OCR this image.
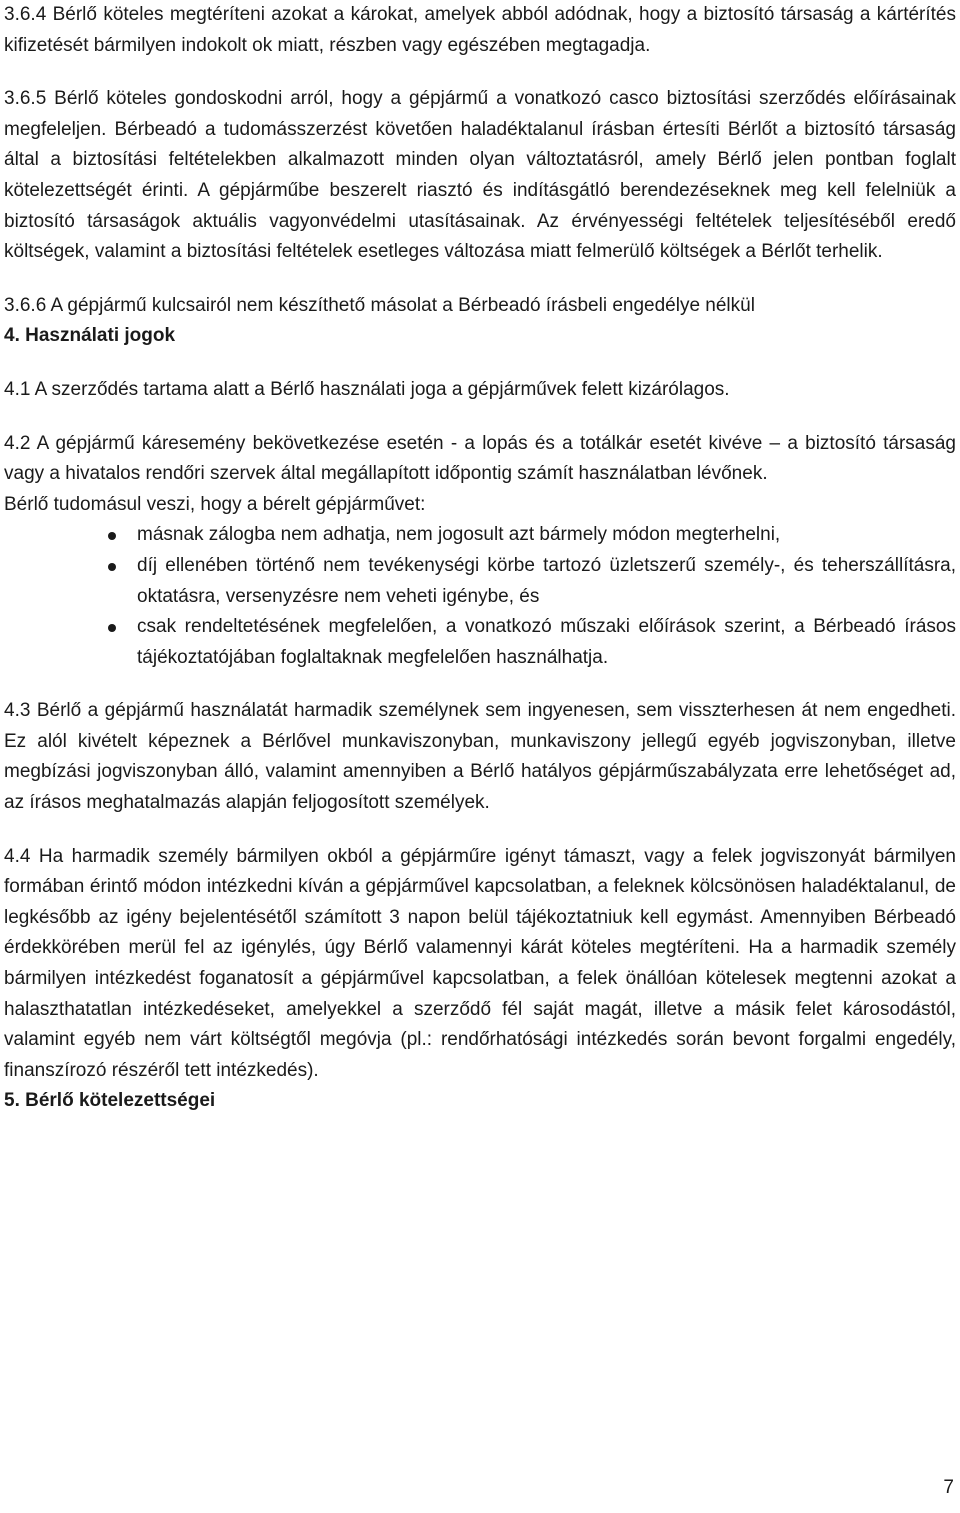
3.6.4 Bérlő köteles megtéríteni azokat a károkat, amelyek abból adódnak, hogy a biztosító társaság a kártérítés kifizetését bármilyen indokolt ok miatt, részben vagy egészében megtagadja.

3.6.5 Bérlő köteles gondoskodni arról, hogy a gépjármű a vonatkozó casco biztosítási szerződés előírásainak megfeleljen. Bérbeadó a tudomásszerzést követően haladéktalanul írásban értesíti Bérlőt a biztosító társaság által a biztosítási feltételekben alkalmazott minden olyan változtatásról, amely Bérlő jelen pontban foglalt kötelezettségét érinti. A gépjárműbe beszerelt riasztó és indításgátló berendezéseknek meg kell felelniük a biztosító társaságok aktuális vagyonvédelmi utasításainak. Az érvényességi feltételek teljesítéséből eredő költségek, valamint a biztosítási feltételek esetleges változása miatt felmerülő költségek a Bérlőt terhelik.

3.6.6 A gépjármű kulcsairól nem készíthető másolat a Bérbeadó írásbeli engedélye nélkül

4. Használati jogok

4.1 A szerződés tartama alatt a Bérlő használati joga a gépjárművek felett kizárólagos.

4.2 A gépjármű káresemény bekövetkezése esetén - a lopás és a totálkár esetét kivéve – a biztosító társaság vagy a hivatalos rendőri szervek által megállapított időpontig számít használatban lévőnek.

Bérlő tudomásul veszi, hogy a bérelt gépjárművet:

másnak zálogba nem adhatja, nem jogosult azt bármely módon megterhelni,
díj ellenében történő nem tevékenységi körbe tartozó üzletszerű személy-, és teherszállításra, oktatásra, versenyzésre nem veheti igénybe, és
csak rendeltetésének megfelelően, a vonatkozó műszaki előírások szerint, a Bérbeadó írásos tájékoztatójában foglaltaknak megfelelően használhatja.

4.3 Bérlő a gépjármű használatát harmadik személynek sem ingyenesen, sem visszterhesen át nem engedheti. Ez alól kivételt képeznek a Bérlővel munkaviszonyban, munkaviszony jellegű egyéb jogviszonyban, illetve megbízási jogviszonyban álló, valamint amennyiben a Bérlő hatályos gépjárműszabályzata erre lehetőséget ad, az írásos meghatalmazás alapján feljogosított személyek.

4.4 Ha harmadik személy bármilyen okból a gépjárműre igényt támaszt, vagy a felek jogviszonyát bármilyen formában érintő módon intézkedni kíván a gépjárművel kapcsolatban, a feleknek kölcsönösen haladéktalanul, de legkésőbb az igény bejelentésétől számított 3 napon belül tájékoztatniuk kell egymást. Amennyiben Bérbeadó érdekkörében merül fel az igénylés, úgy Bérlő valamennyi kárát köteles megtéríteni. Ha a harmadik személy bármilyen intézkedést foganatosít a gépjárművel kapcsolatban, a felek önállóan kötelesek megtenni azokat a halaszthatatlan intézkedéseket, amelyekkel a szerződő fél saját magát, illetve a másik felet károsodástól, valamint egyéb nem várt költségtől megóvja (pl.: rendőrhatósági intézkedés során bevont forgalmi engedély, finanszírozó részéről tett intézkedés).

5. Bérlő kötelezettségei

7
